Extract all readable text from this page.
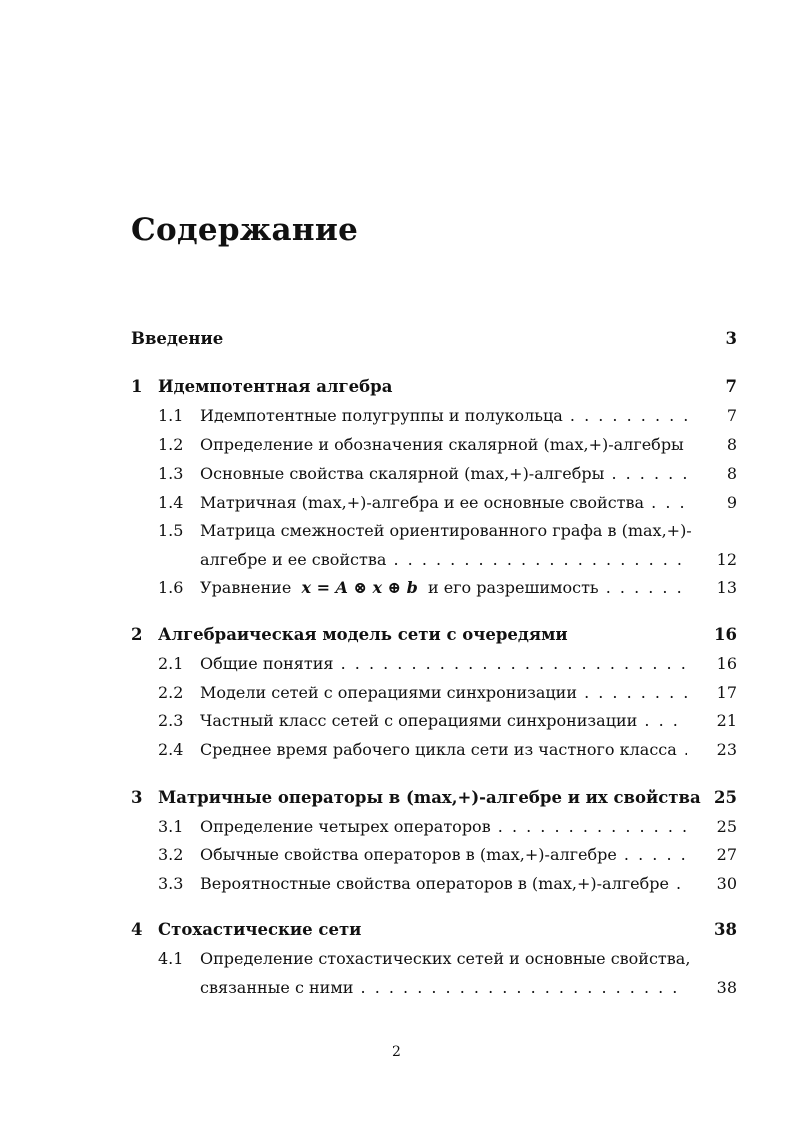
Содержание
Введение	3
1 Идемпотентная алгебра	7
1.1 Идемпотентные полугруппы и полукольца . . .	7
1.2 Определение и обозначения скалярной (max,+)-алгебры	8
1.3 Основные свойства скалярной (max,+)-алгебры . . .	8
1.4 Матричная (max,+)-алгебра и ее основные свойства . . .	9
1.5 Матрица смежностей ориентированного графа в (max,+)-
алгебре и ее свойства . . .	12
1.6 Уравнение x = A ⊗ x ⊕ b и его разрешимость . . .	13
2 Алгебраическая модель сети с очередями	16
2.1 Общие понятия . . .	16
2.2 Модели сетей с операциями синхронизации . . .	17
2.3 Частный класс сетей с операциями синхронизации . . .	21
2.4 Среднее время рабочего цикла сети из частного класса . . .	23
3 Матричные операторы в (max,+)-алгебре и их свойства 25
3.1 Определение четырех операторов . . .	25
3.2 Обычные свойства операторов в (max,+)-алгебре . . .	27
3.3 Вероятностные свойства операторов в (max,+)-алгебре . . .	30
4 Стохастические сети	38
4.1 Определение стохастических сетей и основные свойства,
связанные с ними . . .	38
2
